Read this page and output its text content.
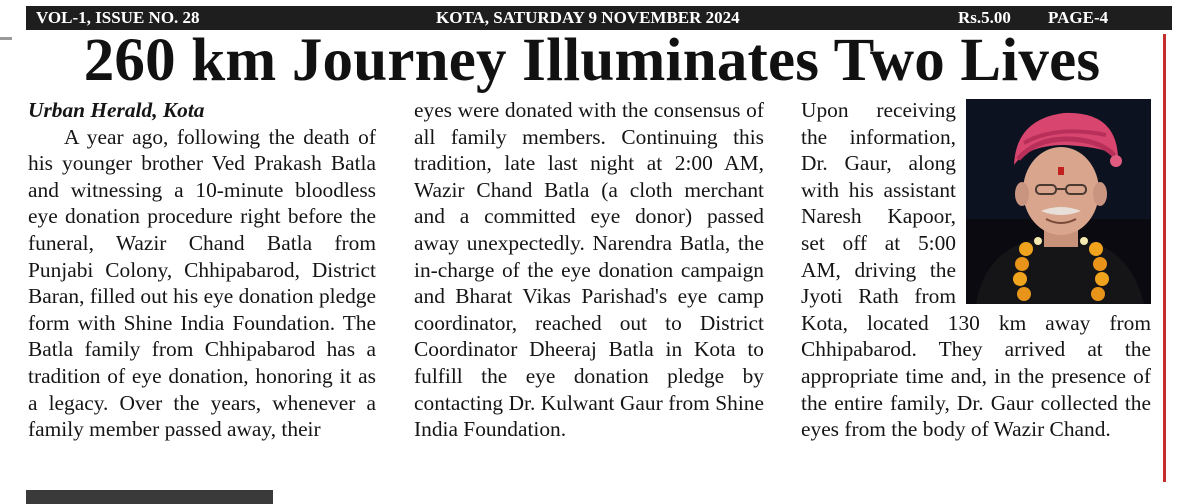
VOL-1, ISSUE NO. 28	KOTA, SATURDAY 9 NOVEMBER 2024	Rs.5.00 PAGE-4
260 km Journey Illuminates Two Lives
Urban Herald, Kota

A year ago, following the death of his younger brother Ved Prakash Batla and witnessing a 10-minute bloodless eye donation procedure right before the funeral, Wazir Chand Batla from Punjabi Colony, Chhipabarod, District Baran, filled out his eye donation pledge form with Shine India Foundation. The Batla family from Chhipabarod has a tradition of eye donation, honoring it as a legacy. Over the years, whenever a family member passed away, their

eyes were donated with the consensus of all family members. Continuing this tradition, late last night at 2:00 AM, Wazir Chand Batla (a cloth merchant and a committed eye donor) passed away unexpectedly. Narendra Batla, the in-charge of the eye donation campaign and Bharat Vikas Parishad's eye camp coordinator, reached out to District Coordinator Dheeraj Batla in Kota to fulfill the eye donation pledge by contacting Dr. Kulwant Gaur from Shine India Foundation.

Upon receiving the information, Dr. Gaur, along with his assistant Naresh Kapoor, set off at 5:00 AM, driving the Jyoti Rath from Kota, located 130 km away from Chhipabarod. They arrived at the appropriate time and, in the presence of the entire family, Dr. Gaur collected the eyes from the body of Wazir Chand.
